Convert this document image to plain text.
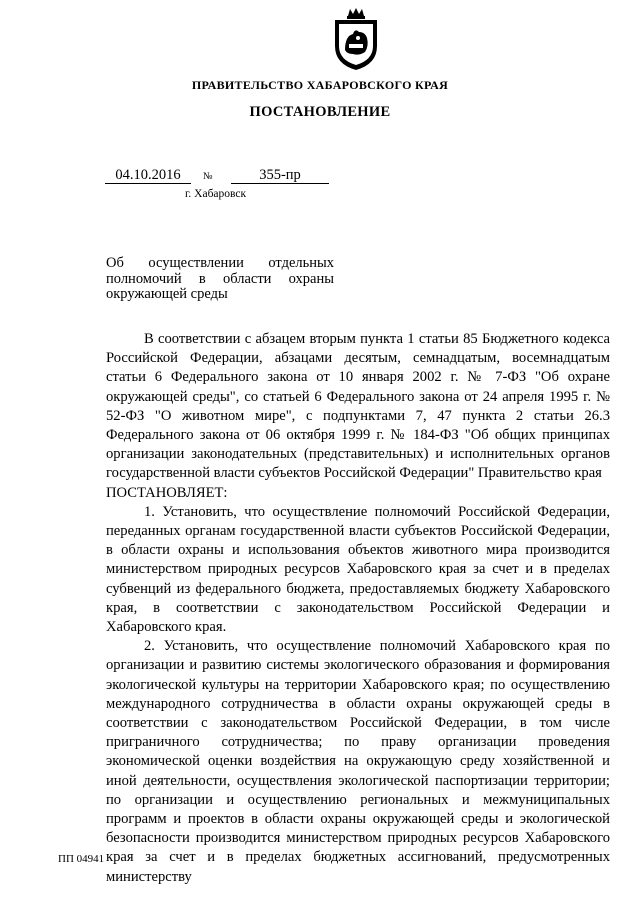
ПРАВИТЕЛЬСТВО ХАБАРОВСКОГО КРАЯ
ПОСТАНОВЛЕНИЕ
04.10.2016	№	355-пр
г. Хабаровск
Об осуществлении отдельных полномочий в области охраны окружающей среды

В соответствии с абзацем вторым пункта 1 статьи 85 Бюджетного кодекса Российской Федерации, абзацами десятым, семнадцатым, восемнадцатым статьи 6 Федерального закона от 10 января 2002 г. № 7-ФЗ "Об охране окружающей среды", со статьей 6 Федерального закона от 24 апреля 1995 г. № 52-ФЗ "О животном мире", с подпунктами 7, 47 пункта 2 статьи 26.3 Федерального закона от 06 октября 1999 г. № 184-ФЗ "Об общих принципах организации законодательных (представительных) и исполнительных органов государственной власти субъектов Российской Федерации" Правительство края

ПОСТАНОВЛЯЕТ:

1. Установить, что осуществление полномочий Российской Федерации, переданных органам государственной власти субъектов Российской Федерации, в области охраны и использования объектов животного мира производится министерством природных ресурсов Хабаровского края за счет и в пределах субвенций из федерального бюджета, предоставляемых бюджету Хабаровского края, в соответствии с законодательством Российской Федерации и Хабаровского края.

2. Установить, что осуществление полномочий Хабаровского края по организации и развитию системы экологического образования и формирования экологической культуры на территории Хабаровского края; по осуществлению международного сотрудничества в области охраны окружающей среды в соответствии с законодательством Российской Федерации, в том числе приграничного сотрудничества; по праву организации проведения экономической оценки воздействия на окружающую среду хозяйственной и иной деятельности, осуществления экологической паспортизации территории; по организации и осуществлению региональных и межмуниципальных программ и проектов в области охраны окружающей среды и экологической безопасности производится министерством природных ресурсов Хабаровского края за счет и в пределах бюджетных ассигнований, предусмотренных министерству

ПП 04941
